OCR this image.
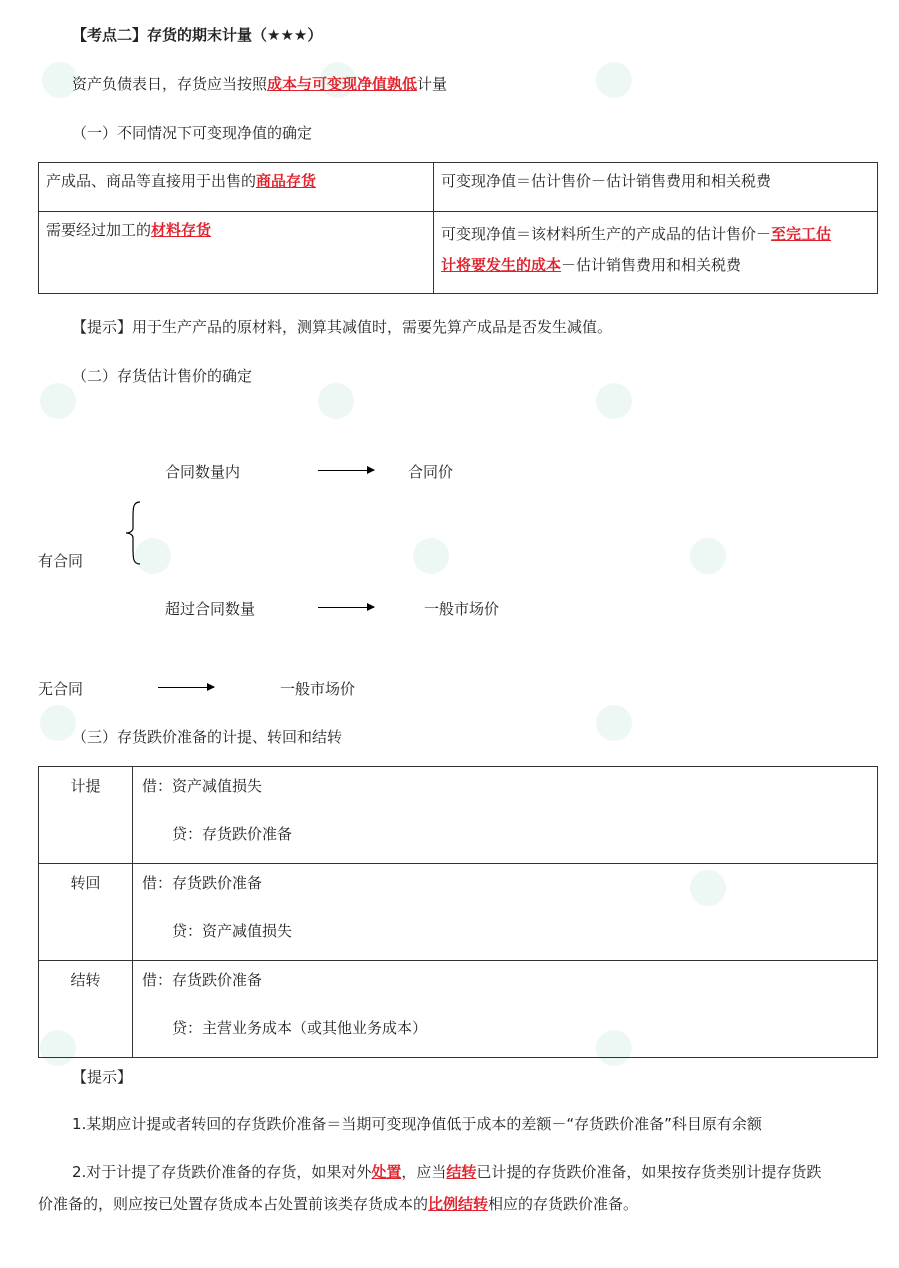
【考点二】存货的期末计量（★★★）
资产负债表日，存货应当按照成本与可变现净值孰低计量
（一）不同情况下可变现净值的确定
产成品、商品等直接用于出售的商品存货	可变现净值＝估计售价－估计销售费用和相关税费
需要经过加工的材料存货	可变现净值＝该材料所生产的产成品的估计售价－至完工估
计将要发生的成本－估计销售费用和相关税费
【提示】用于生产产品的原材料，测算其减值时，需要先算产成品是否发生减值。
（二）存货估计售价的确定
合同数量内	合同价
有合同
超过合同数量	一般市场价
无合同	一般市场价
（三）存货跌价准备的计提、转回和结转
计提	借：资产减值损失
贷：存货跌价准备

转回	借：存货跌价准备
贷：资产减值损失

结转	借：存货跌价准备
贷：主营业务成本（或其他业务成本）
【提示】
1.某期应计提或者转回的存货跌价准备＝当期可变现净值低于成本的差额－“存货跌价准备”科目原有余额
2.对于计提了存货跌价准备的存货，如果对外处置，应当结转已计提的存货跌价准备，如果按存货类别计提存货跌
价准备的，则应按已处置存货成本占处置前该类存货成本的比例结转相应的存货跌价准备。
